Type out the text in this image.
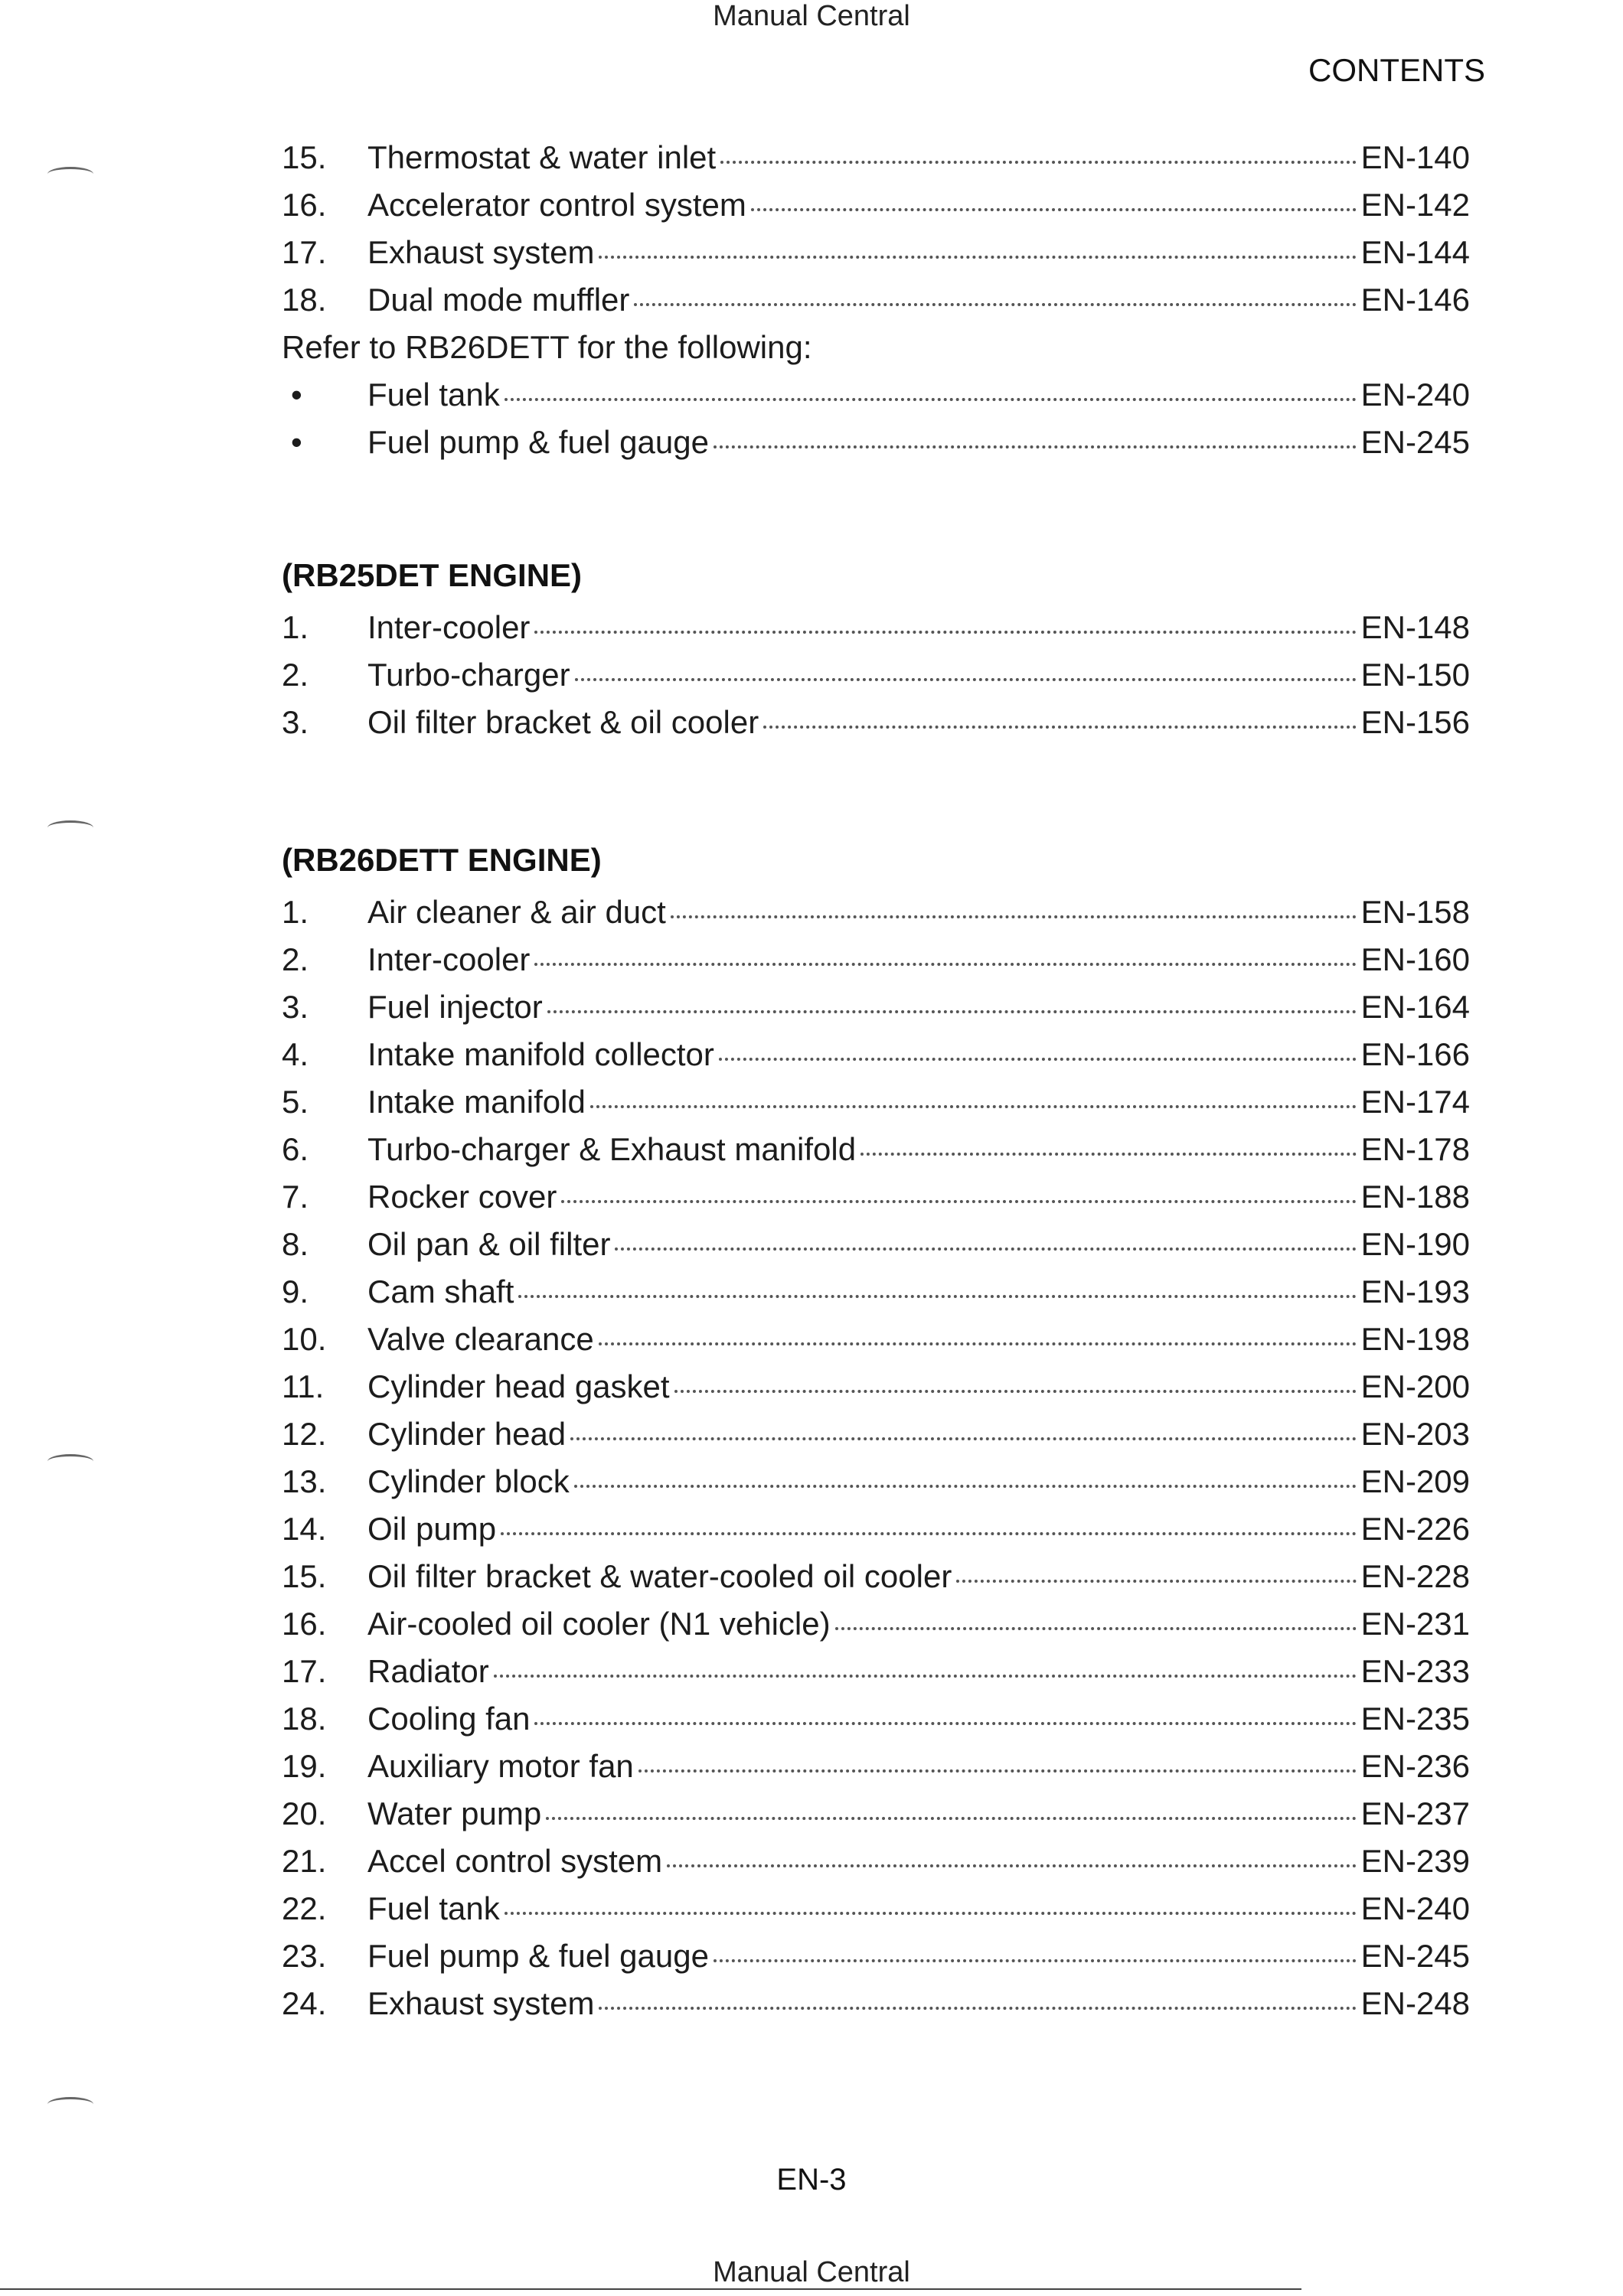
Manual Central
CONTENTS
15.	Thermostat & water inlet	EN-140
16.	Accelerator control system	EN-142
17.	Exhaust system	EN-144
18.	Dual mode muffler	EN-146
Refer to RB26DETT for the following:
•	Fuel tank	EN-240
•	Fuel pump & fuel gauge	EN-245
(RB25DET ENGINE)
1.	Inter-cooler	EN-148
2.	Turbo-charger	EN-150
3.	Oil filter bracket & oil cooler	EN-156
(RB26DETT ENGINE)
1.	Air cleaner & air duct	EN-158
2.	Inter-cooler	EN-160
3.	Fuel injector	EN-164
4.	Intake manifold collector	EN-166
5.	Intake manifold	EN-174
6.	Turbo-charger & Exhaust manifold	EN-178
7.	Rocker cover	EN-188
8.	Oil pan & oil filter	EN-190
9.	Cam shaft	EN-193
10.	Valve clearance	EN-198
11.	Cylinder head gasket	EN-200
12.	Cylinder head	EN-203
13.	Cylinder block	EN-209
14.	Oil pump	EN-226
15.	Oil filter bracket & water-cooled oil cooler	EN-228
16.	Air-cooled oil cooler (N1 vehicle)	EN-231
17.	Radiator	EN-233
18.	Cooling fan	EN-235
19.	Auxiliary motor fan	EN-236
20.	Water pump	EN-237
21.	Accel control system	EN-239
22.	Fuel tank	EN-240
23.	Fuel pump & fuel gauge	EN-245
24.	Exhaust system	EN-248
EN-3
Manual Central
